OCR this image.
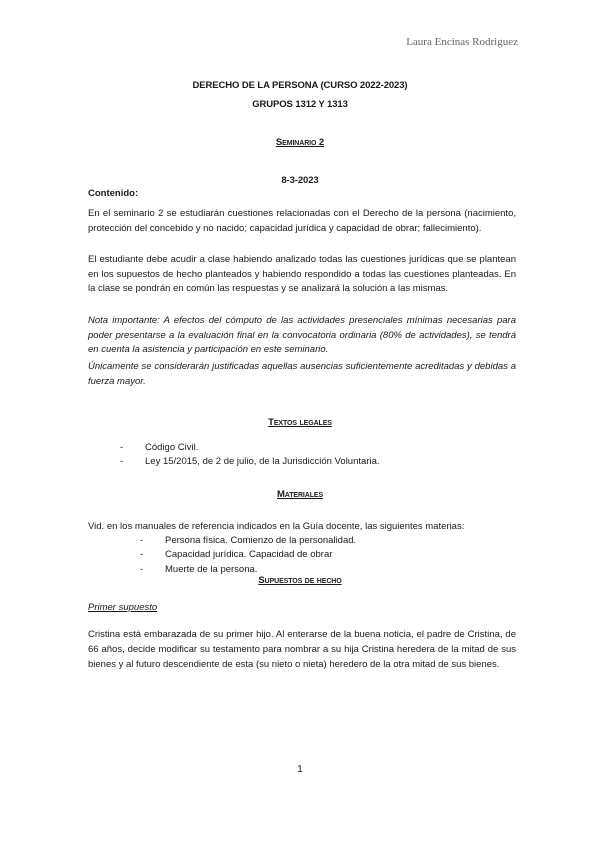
Laura Encinas Rodriguez

DERECHO DE LA PERSONA (CURSO 2022-2023)

GRUPOS 1312 Y 1313

Seminario 2

8-3-2023

Contenido:

En el seminario 2 se estudiarán cuestiones relacionadas con el Derecho de la persona (nacimiento, protección del concebido y no nacido; capacidad jurídica y capacidad de obrar; fallecimiento).

El estudiante debe acudir a clase habiendo analizado todas las cuestiones jurídicas que se plantean en los supuestos de hecho planteados y habiendo respondido a todas las cuestiones planteadas. En la clase se pondrán en común las respuestas y se analizará la solución a las mismas.

Nota importante: A efectos del cómputo de las actividades presenciales mínimas necesarias para poder presentarse a la evaluación final en la convocatoria ordinaria (80% de actividades), se tendrá en cuenta la asistencia y participación en este seminario.

Únicamente se considerarán justificadas aquellas ausencias suficientemente acreditadas y debidas a fuerza mayor.

Textos legales

- Código Civil.
- Ley 15/2015, de 2 de julio, de la Jurisdicción Voluntaria.

Materiales

Vid. en los manuales de referencia indicados en la Guía docente, las siguientes materias:

- Persona física. Comienzo de la personalidad.
- Capacidad jurídica. Capacidad de obrar
- Muerte de la persona.

Supuestos de hecho

Primer supuesto

Cristina está embarazada de su primer hijo. Al enterarse de la buena noticia, el padre de Cristina, de 66 años, decide modificar su testamento para nombrar a su hija Cristina heredera de la mitad de sus bienes y al futuro descendiente de esta (su nieto o nieta) heredero de la otra mitad de sus bienes.

1
